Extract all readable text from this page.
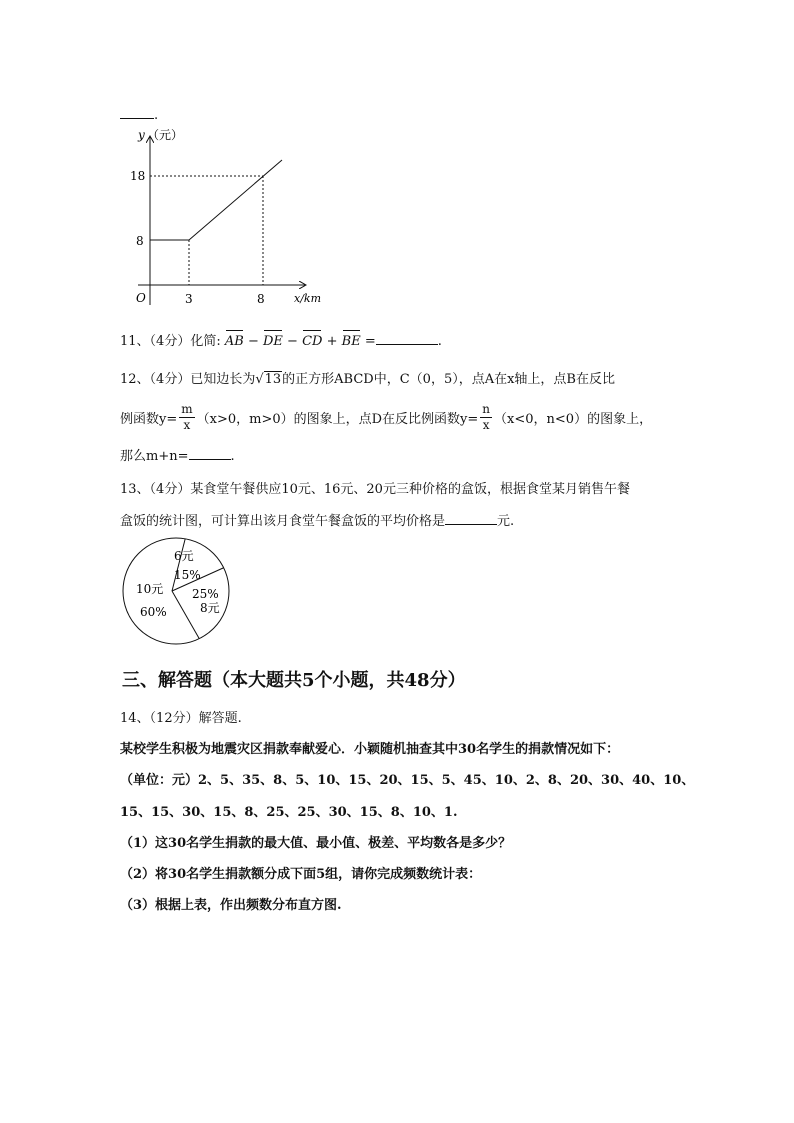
.
y （元）
x/km
O
18
8
3	8
11、（4分）化简: AB − DE − CD + BE =	.
12、（4分）已知边长为√13的正方形ABCD中，C（0，5），点A在x轴上，点B在反比
例函数$y= \frac{m}{x} (x>0$，m>0）的图象上，点D在反比例函数$y= \frac{n}{x} (x<0$，n<0）的图象上，
那么m+n=	.
13、（4分）某食堂午餐供应10元、16元、20元三种价格的盒饭，根据食堂某月销售午餐
盒饭的统计图，可计算出该月食堂午餐盒饭的平均价格是	元.
6元
15%
25%
8元
10元
60%
三、解答题（本大题共5个小题，共48分）
14、（12分）解答题.
某校学生积极为地震灾区捐款奉献爱心．小颖随机抽查其中30名学生的捐款情况如下：
（单位：元）2、5、35、8、5、10、15、20、15、5、45、10、2、8、20、30、40、10、
15、15、30、15、8、25、25、30、15、8、10、1.
（1）这30名学生捐款的最大值、最小值、极差、平均数各是多少？
（2）将30名学生捐款额分成下面5组，请你完成频数统计表：
（3）根据上表，作出频数分布直方图.
